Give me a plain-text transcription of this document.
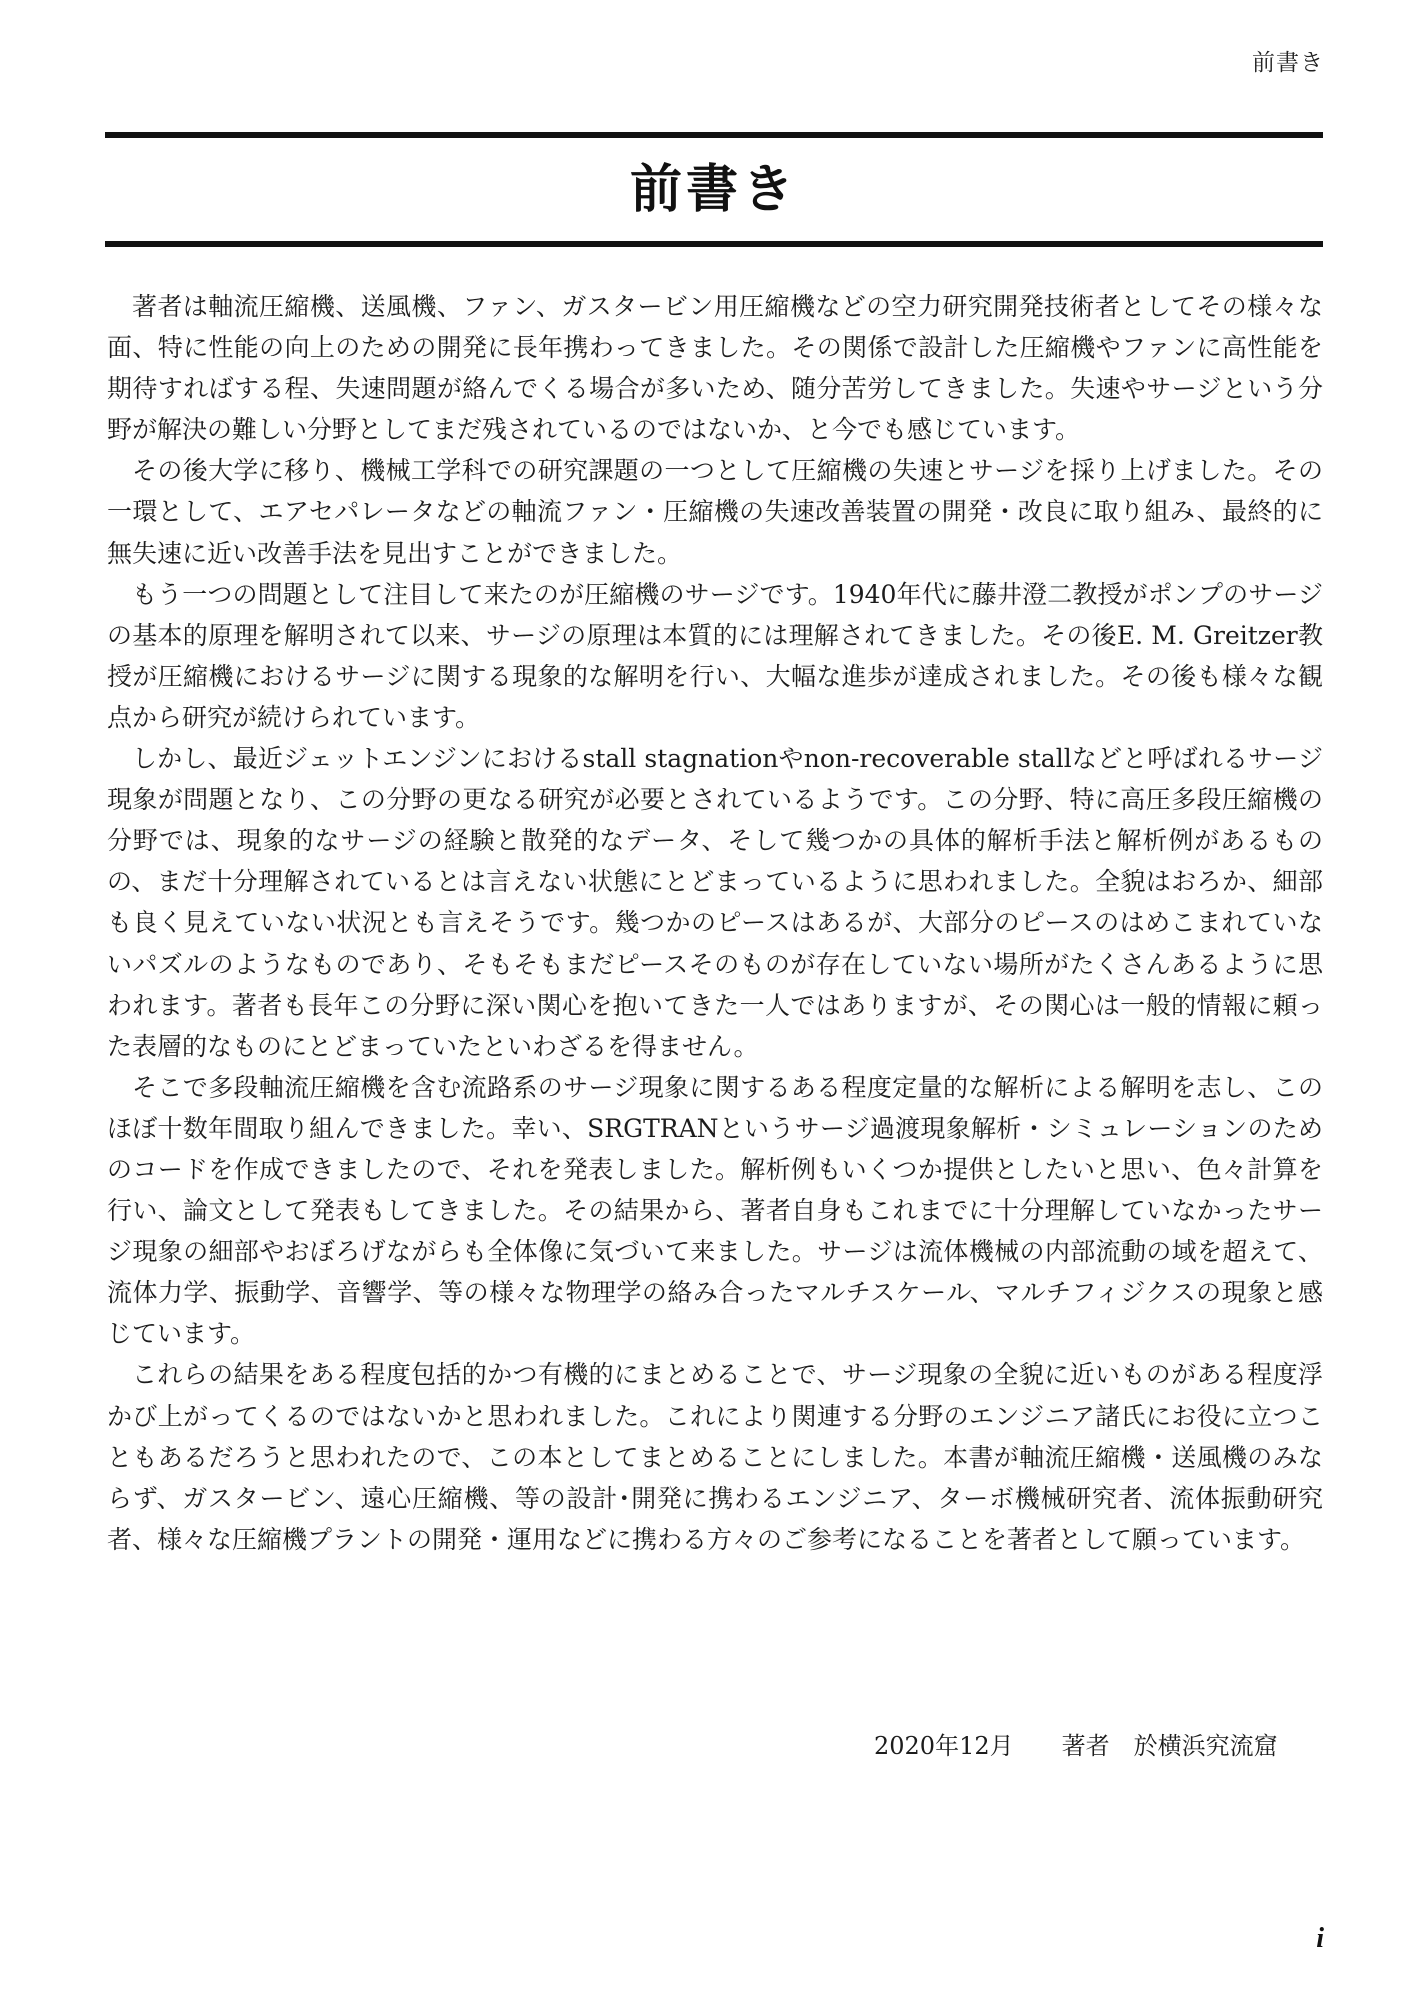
前書き
前書き

著者は軸流圧縮機、送風機、ファン、ガスタービン用圧縮機などの空力研究開発技術者としてその様々な面、特に性能の向上のための開発に長年携わってきました。その関係で設計した圧縮機やファンに高性能を期待すればする程、失速問題が絡んでくる場合が多いため、随分苦労してきました。失速やサージという分野が解決の難しい分野としてまだ残されているのではないか、と今でも感じています。

その後大学に移り、機械工学科での研究課題の一つとして圧縮機の失速とサージを採り上げました。その一環として、エアセパレータなどの軸流ファン・圧縮機の失速改善装置の開発・改良に取り組み、最終的に無失速に近い改善手法を見出すことができました。

もう一つの問題として注目して来たのが圧縮機のサージです。1940年代に藤井澄二教授がポンプのサージの基本的原理を解明されて以来、サージの原理は本質的には理解されてきました。その後E. M. Greitzer教授が圧縮機におけるサージに関する現象的な解明を行い、大幅な進歩が達成されました。その後も様々な観点から研究が続けられています。

しかし、最近ジェットエンジンにおけるstall stagnationやnon-recoverable stallなどと呼ばれるサージ現象が問題となり、この分野の更なる研究が必要とされているようです。この分野、特に高圧多段圧縮機の分野では、現象的なサージの経験と散発的なデータ、そして幾つかの具体的解析手法と解析例があるものの、まだ十分理解されているとは言えない状態にとどまっているように思われました。全貌はおろか、細部も良く見えていない状況とも言えそうです。幾つかのピースはあるが、大部分のピースのはめこまれていないパズルのようなものであり、そもそもまだピースそのものが存在していない場所がたくさんあるように思われます。著者も長年この分野に深い関心を抱いてきた一人ではありますが、その関心は一般的情報に頼った表層的なものにとどまっていたといわざるを得ません。

そこで多段軸流圧縮機を含む流路系のサージ現象に関するある程度定量的な解析による解明を志し、このほぼ十数年間取り組んできました。幸い、SRGTRANというサージ過渡現象解析・シミュレーションのためのコードを作成できましたので、それを発表しました。解析例もいくつか提供としたいと思い、色々計算を行い、論文として発表もしてきました。その結果から、著者自身もこれまでに十分理解していなかったサージ現象の細部やおぼろげながらも全体像に気づいて来ました。サージは流体機械の内部流動の域を超えて、流体力学、振動学、音響学、等の様々な物理学の絡み合ったマルチスケール、マルチフィジクスの現象と感じています。

これらの結果をある程度包括的かつ有機的にまとめることで、サージ現象の全貌に近いものがある程度浮かび上がってくるのではないかと思われました。これにより関連する分野のエンジニア諸氏にお役に立つこともあるだろうと思われたので、この本としてまとめることにしました。本書が軸流圧縮機・送風機のみならず、ガスタービン、遠心圧縮機、等の設計･開発に携わるエンジニア、ターボ機械研究者、流体振動研究者、様々な圧縮機プラントの開発・運用などに携わる方々のご参考になることを著者として願っています。

2020年12月　　著者　於横浜究流窟
i
